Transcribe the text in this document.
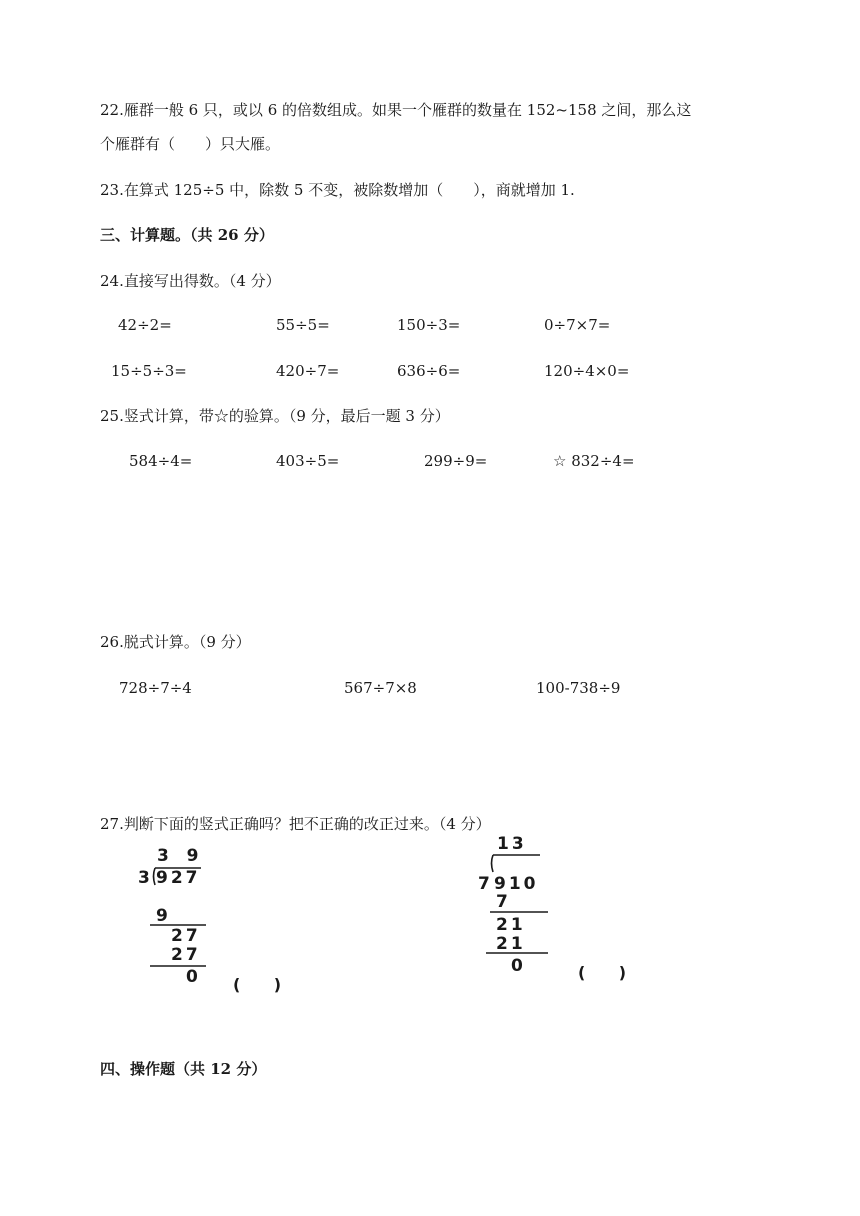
22.雁群一般 6 只，或以 6 的倍数组成。如果一个雁群的数量在 152~158 之间，那么这
个雁群有（　　）只大雁。
23.在算式 125÷5 中，除数 5 不变，被除数增加（　　），商就增加 1.
三、计算题。（共 26 分）
24.直接写出得数。（4 分）
42÷2=	55÷5=	150÷3=	0÷7×7=
15÷5÷3=	420÷7=	636÷6=	120÷4×0=
25.竖式计算，带☆的验算。（9 分，最后一题 3 分）
584÷4=	403÷5=	299÷9=	☆ 832÷4=
26.脱式计算。（9 分）
728÷7÷4	567÷7×8	100-738÷9
27.判断下面的竖式正确吗？把不正确的改正过来。（4 分）
3  9
3 927
9
27
27
0 (      )
13
7 910
7
21
21
0	(      )
四、操作题（共 12 分）
